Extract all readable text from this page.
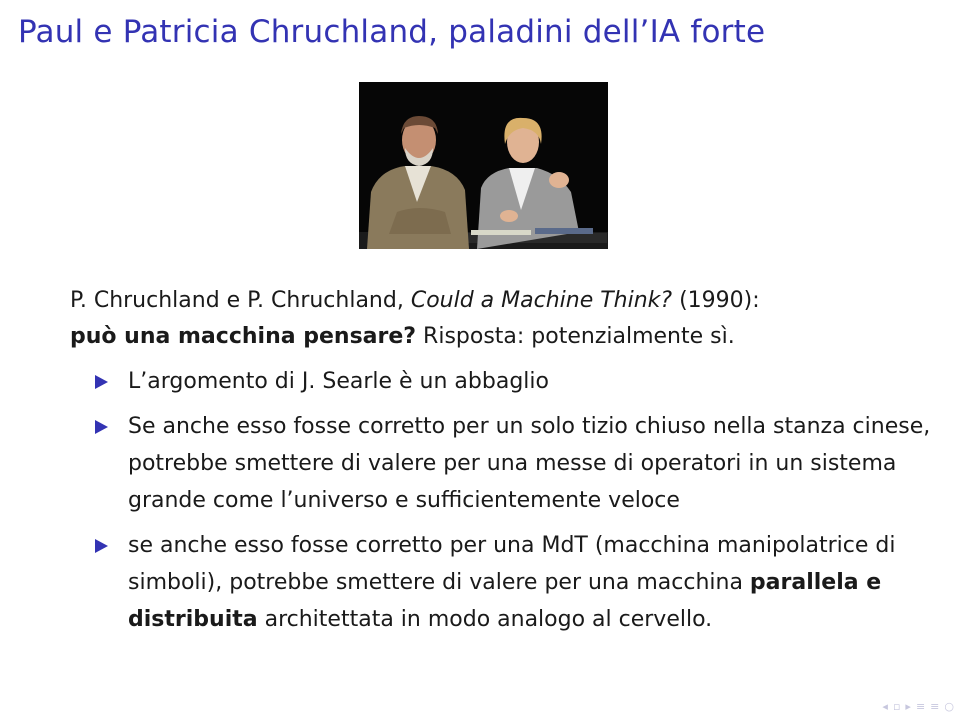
Paul e Patricia Chruchland, paladini dell’IA forte

P. Chruchland e P. Chruchland, Could a Machine Think? (1990):

può una macchina pensare? Risposta: potenzialmente sì.

L’argomento di J. Searle è un abbaglio
Se anche esso fosse corretto per un solo tizio chiuso nella stanza cinese, potrebbe smettere di valere per una messe di operatori in un sistema grande come l’universo e sufficientemente veloce
se anche esso fosse corretto per una MdT (macchina manipolatrice di simboli), potrebbe smettere di valere per una macchina parallela e distribuita architettata in modo analogo al cervello.
◂ ▫ ▸ ≡ ≡ ○
